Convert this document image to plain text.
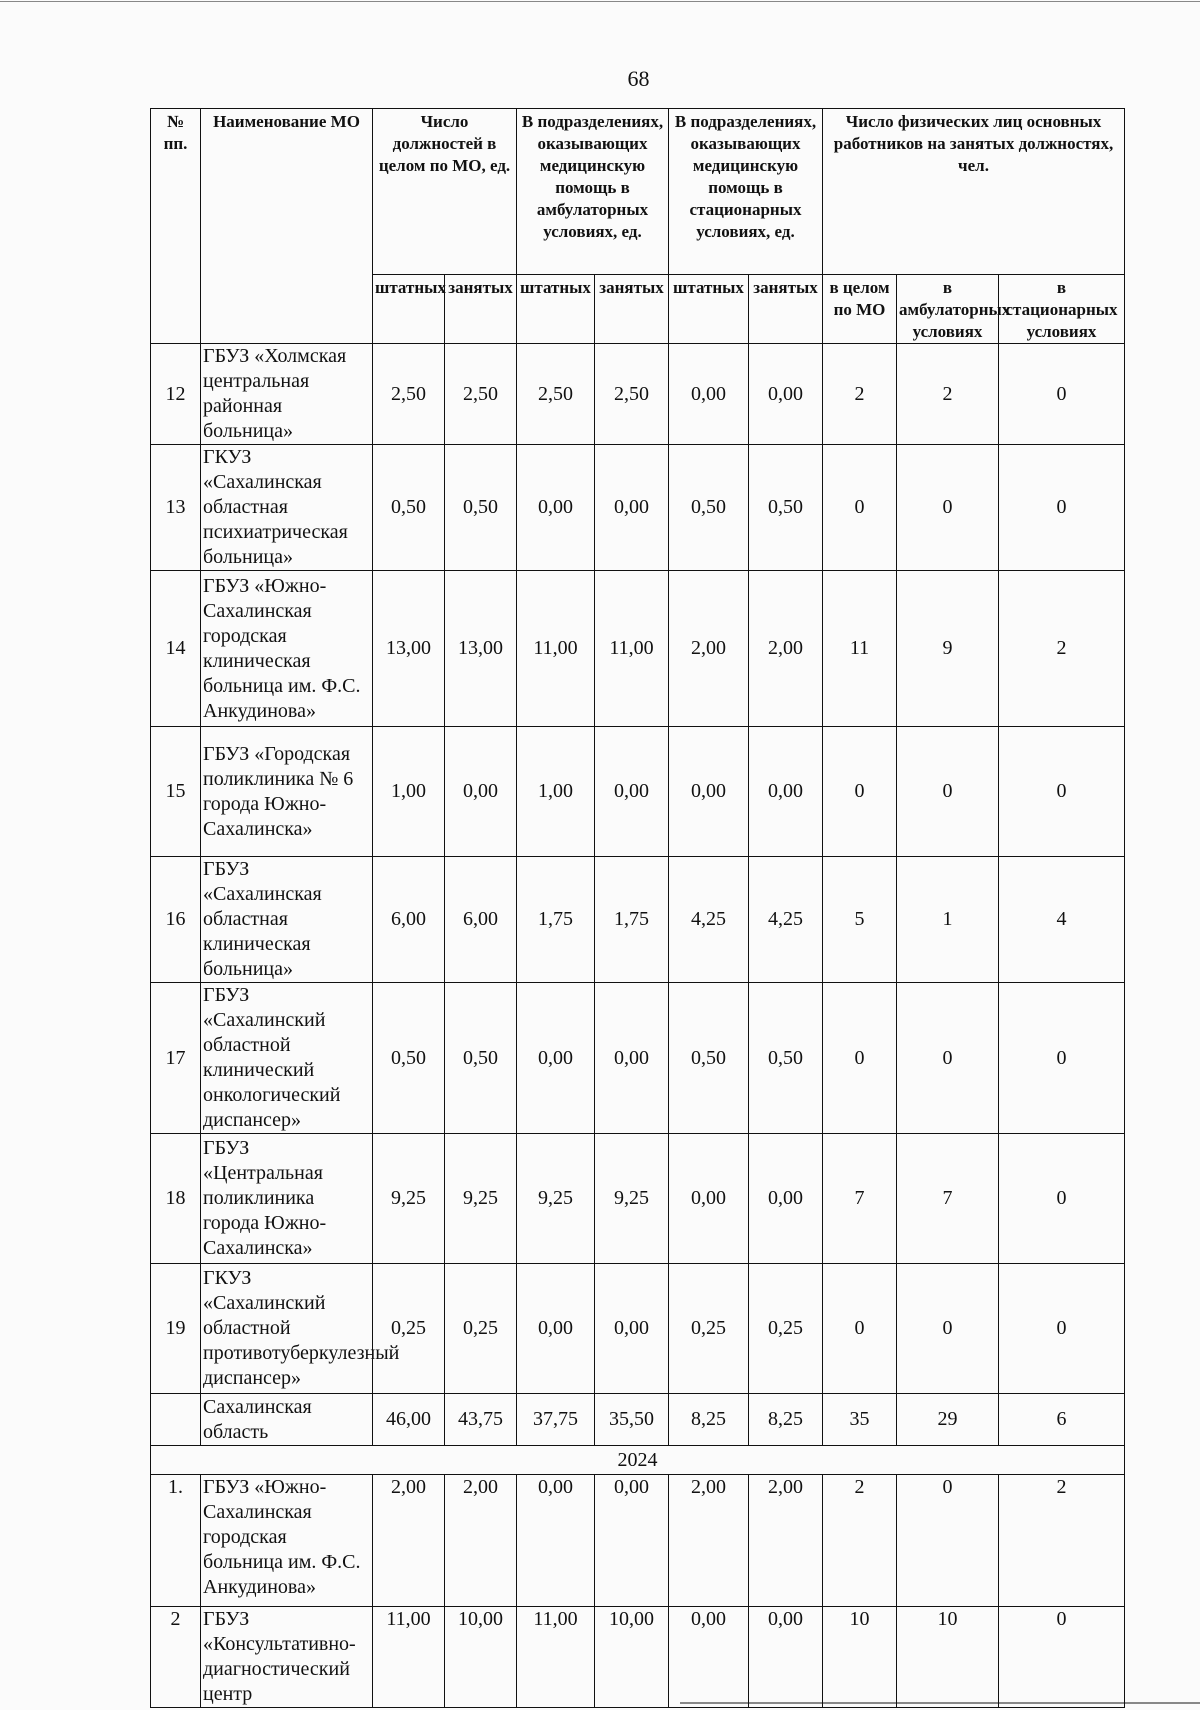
68
№ пп.	Наименование МО	Число должностей в целом по МО, ед.		В подразделениях, оказывающих медицинскую помощь в амбулаторных условиях, ед.		В подразделениях, оказывающих медицинскую помощь в стационарных условиях, ед.		Число физических лиц основных работников на занятых должностях, чел.		
		штатных	занятых	штатных	занятых	штатных	занятых	в целом по МО	в амбулаторных условиях	в стационарных условиях
12	ГБУЗ «Холмская центральная районная больница»	2,50	2,50	2,50	2,50	0,00	0,00	2	2	0
13	ГКУЗ «Сахалинская областная психиатрическая больница»	0,50	0,50	0,00	0,00	0,50	0,50	0	0	0
14	ГБУЗ «Южно-Сахалинская городская клиническая больница им. Ф.С. Анкудинова»	13,00	13,00	11,00	11,00	2,00	2,00	11	9	2
15	ГБУЗ «Городская поликлиника № 6 города Южно-Сахалинска»	1,00	0,00	1,00	0,00	0,00	0,00	0	0	0
16	ГБУЗ «Сахалинская областная клиническая больница»	6,00	6,00	1,75	1,75	4,25	4,25	5	1	4
17	ГБУЗ «Сахалинский областной клинический онкологический диспансер»	0,50	0,50	0,00	0,00	0,50	0,50	0	0	0
18	ГБУЗ «Центральная поликлиника города Южно-Сахалинска»	9,25	9,25	9,25	9,25	0,00	0,00	7	7	0
19	ГКУЗ «Сахалинский областной противотуберкулезный диспансер»	0,25	0,25	0,00	0,00	0,25	0,25	0	0	0
	Сахалинская область	46,00	43,75	37,75	35,50	8,25	8,25	35	29	6
2024										
1.	ГБУЗ «Южно-Сахалинская городская больница им. Ф.С. Анкудинова»	2,00	2,00	0,00	0,00	2,00	2,00	2	0	2
2	ГБУЗ «Консультативно-диагностический центр	11,00	10,00	11,00	10,00	0,00	0,00	10	10	0
